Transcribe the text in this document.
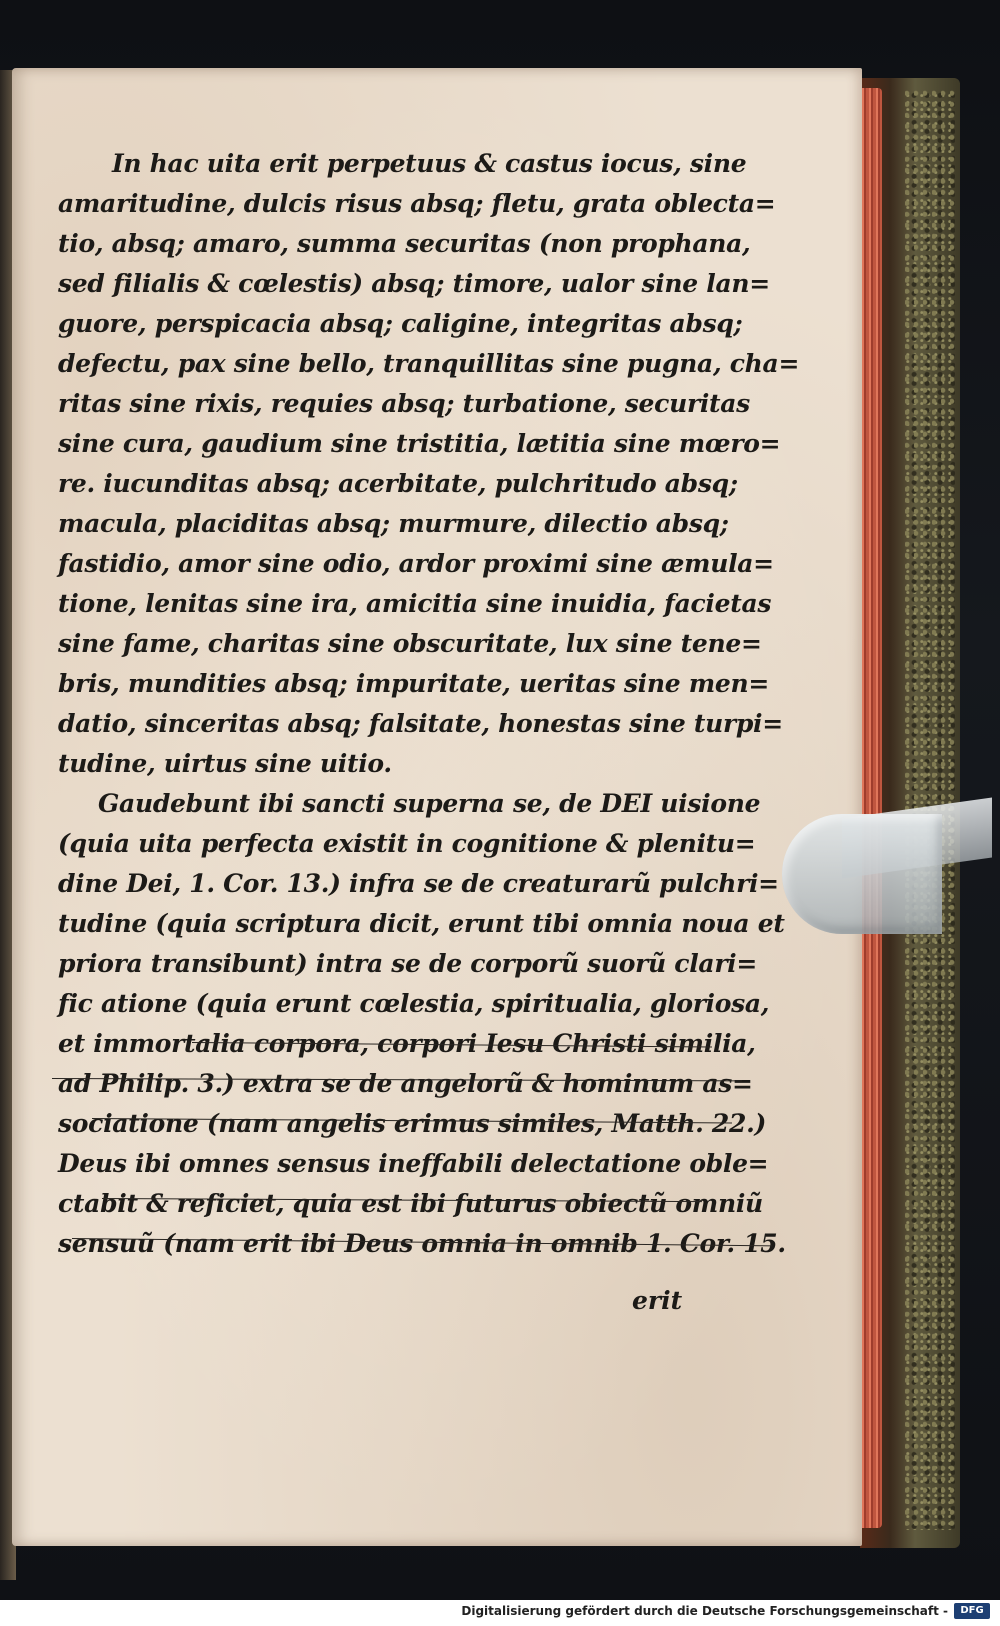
In hac uita erit perpetuus & castus iocus, sine
amaritudine, dulcis risus absq; fletu, grata oblecta=
tio, absq; amaro, summa securitas (non prophana,
sed filialis & cœlestis) absq; timore, ualor sine lan=
guore, perspicacia absq; caligine, integritas absq;
defectu, pax sine bello, tranquillitas sine pugna, cha=
ritas sine rixis, requies absq; turbatione, securitas
sine cura, gaudium sine tristitia, lætitia sine mœro=
re. iucunditas absq; acerbitate, pulchritudo absq;
macula, placiditas absq; murmure, dilectio absq;
fastidio, amor sine odio, ardor proximi sine æmula=
tione, lenitas sine ira, amicitia sine inuidia, facietas
sine fame, charitas sine obscuritate, lux sine tene=
bris, mundities absq; impuritate, ueritas sine men=
datio, sinceritas absq; falsitate, honestas sine turpi=
tudine, uirtus sine uitio.
Gaudebunt ibi sancti superna se, de DEI uisione
(quia uita perfecta existit in cognitione & plenitu=
dine Dei, 1. Cor. 13.) infra se de creaturarũ pulchri=
tudine (quia scriptura dicit, erunt tibi omnia noua et
priora transibunt) intra se de corporũ suorũ clari=
fic atione (quia erunt cœlestia, spiritualia, gloriosa,
et immortalia corpora, corpori Iesu Christi similia,
ad Philip. 3.) extra se de angelorũ & hominum as=
sociatione (nam angelis erimus similes, Matth. 22.)
Deus ibi omnes sensus ineffabili delectatione oble=
ctabit & reficiet, quia est ibi futurus obiectũ omniũ
sensuũ (nam erit ibi Deus omnia in omnib 1. Cor. 15.
erit
Digitalisierung gefördert durch die Deutsche Forschungsgemeinschaft -	DFG
